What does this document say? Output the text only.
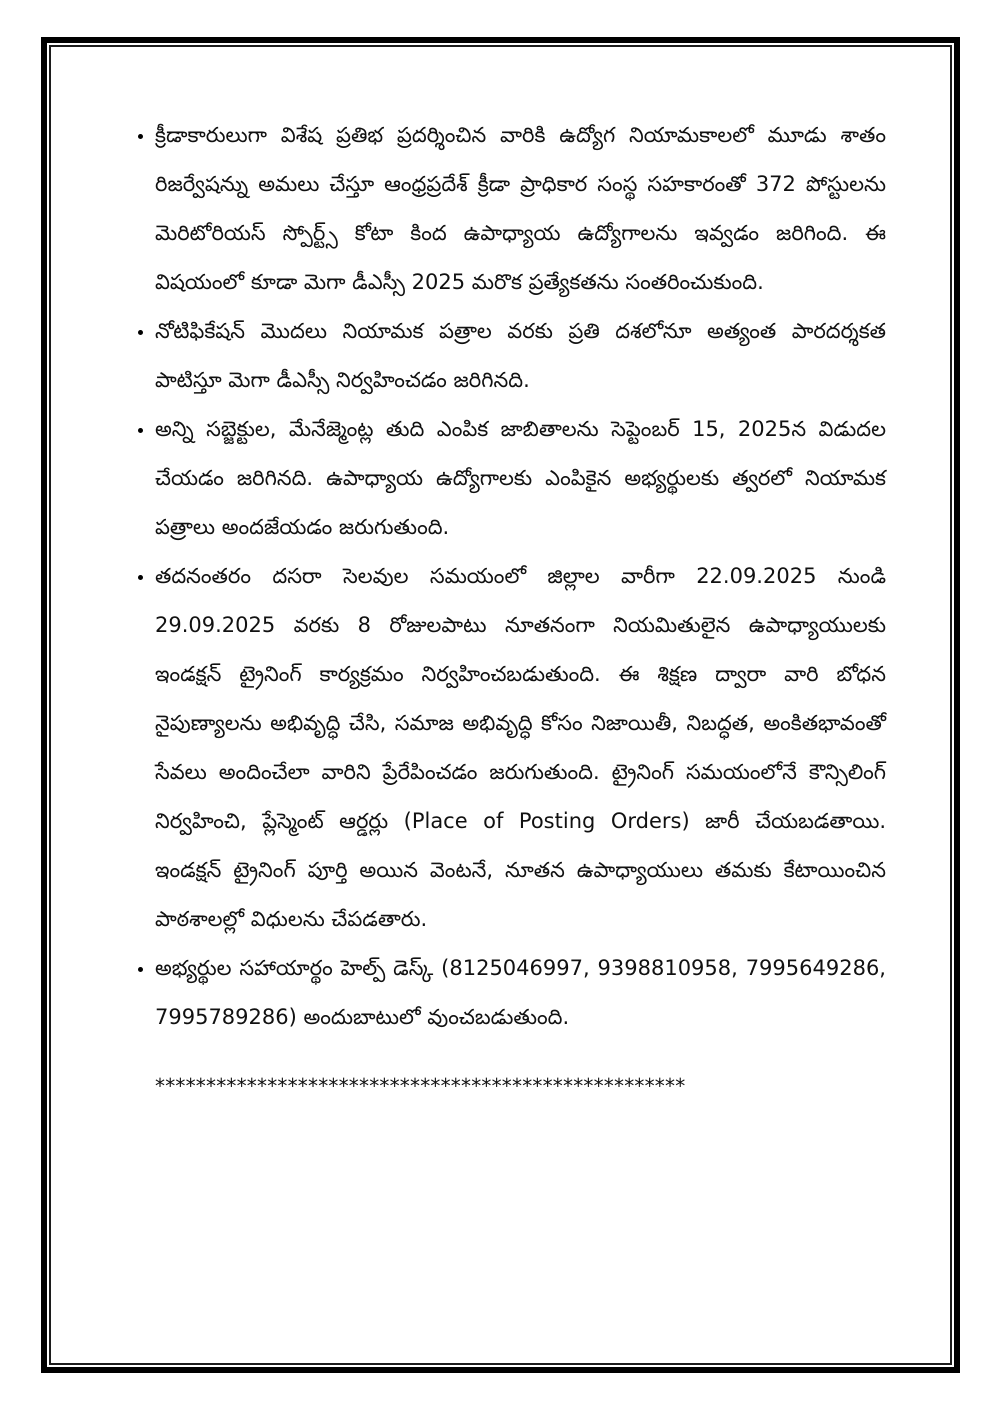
• క్రీడాకారులుగా విశేష ప్రతిభ ప్రదర్శించిన వారికి ఉద్యోగ నియామకాలలో మూడు శాతం రిజర్వేషన్ను అమలు చేస్తూ ఆంధ్రప్రదేశ్ క్రీడా ప్రాధికార సంస్థ సహకారంతో 372 పోస్టులను మెరిటోరియస్ స్పోర్ట్స్ కోటా కింద ఉపాధ్యాయ ఉద్యోగాలను ఇవ్వడం జరిగింది. ఈ విషయంలో కూడా మెగా డీఎస్సీ 2025 మరొక ప్రత్యేకతను సంతరించుకుంది.
• నోటిఫికేషన్ మొదలు నియామక పత్రాల వరకు ప్రతి దశలోనూ అత్యంత పారదర్శకత పాటిస్తూ మెగా డీఎస్సీ నిర్వహించడం జరిగినది.
• అన్ని సబ్జెక్టుల, మేనేజ్మెంట్ల తుది ఎంపిక జాబితాలను సెప్టెంబర్ 15, 2025న విడుదల చేయడం జరిగినది. ఉపాధ్యాయ ఉద్యోగాలకు ఎంపికైన అభ్యర్థులకు త్వరలో నియామక పత్రాలు అందజేయడం జరుగుతుంది.
• తదనంతరం దసరా సెలవుల సమయంలో జిల్లాల వారీగా 22.09.2025 నుండి 29.09.2025 వరకు 8 రోజులపాటు నూతనంగా నియమితులైన ఉపాధ్యాయులకు ఇండక్షన్ ట్రైనింగ్ కార్యక్రమం నిర్వహించబడుతుంది. ఈ శిక్షణ ద్వారా వారి బోధన నైపుణ్యాలను అభివృద్ధి చేసి, సమాజ అభివృద్ధి కోసం నిజాయితీ, నిబద్ధత, అంకితభావంతో సేవలు అందించేలా వారిని ప్రేరేపించడం జరుగుతుంది. ట్రైనింగ్ సమయంలోనే కౌన్సిలింగ్ నిర్వహించి, ప్లేస్మెంట్ ఆర్డర్లు (Place of Posting Orders) జారీ చేయబడతాయి. ఇండక్షన్ ట్రైనింగ్ పూర్తి అయిన వెంటనే, నూతన ఉపాధ్యాయులు తమకు కేటాయించిన పాఠశాలల్లో విధులను చేపడతారు.
• అభ్యర్థుల సహాయార్థం హెల్ప్ డెస్క్ (8125046997, 9398810958, 7995649286, 7995789286) అందుబాటులో వుంచబడుతుంది.
****************************************************
